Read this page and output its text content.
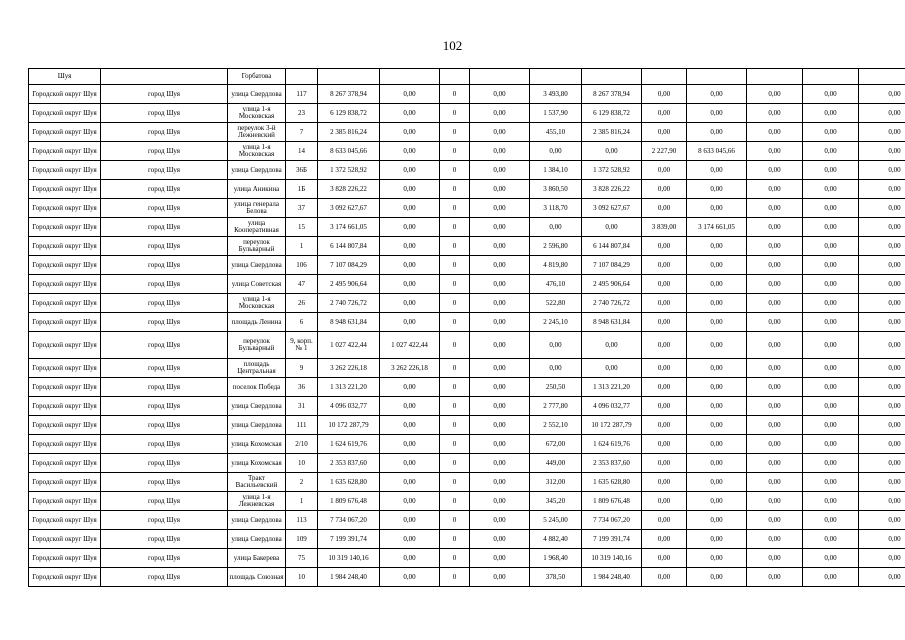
102
Шуя		Горбатова												
Городской округ Шуя	город Шуя	улица Свердлова	117	8 267 378,94	0,00	0	0,00	3 493,80	8 267 378,94	0,00	0,00	0,00	0,00	0,00
Городской округ Шуя	город Шуя	улица 1-я Московская	23	6 129 838,72	0,00	0	0,00	1 537,90	6 129 838,72	0,00	0,00	0,00	0,00	0,00
Городской округ Шуя	город Шуя	переулок 3-й Лежневский	7	2 385 816,24	0,00	0	0,00	455,10	2 385 816,24	0,00	0,00	0,00	0,00	0,00
Городской округ Шуя	город Шуя	улица 1-я Московская	14	8 633 045,66	0,00	0	0,00	0,00	0,00	2 227,90	8 633 045,66	0,00	0,00	0,00
Городской округ Шуя	город Шуя	улица Свердлова	36Б	1 372 528,92	0,00	0	0,00	1 384,10	1 372 528,92	0,00	0,00	0,00	0,00	0,00
Городской округ Шуя	город Шуя	улица Аникина	1Б	3 828 226,22	0,00	0	0,00	3 860,50	3 828 226,22	0,00	0,00	0,00	0,00	0,00
Городской округ Шуя	город Шуя	улица генерала Белова	37	3 092 627,67	0,00	0	0,00	3 118,70	3 092 627,67	0,00	0,00	0,00	0,00	0,00
Городской округ Шуя	город Шуя	улица Кооперативная	15	3 174 661,05	0,00	0	0,00	0,00	0,00	3 839,00	3 174 661,05	0,00	0,00	0,00
Городской округ Шуя	город Шуя	переулок Бульварный	1	6 144 807,84	0,00	0	0,00	2 596,80	6 144 807,84	0,00	0,00	0,00	0,00	0,00
Городской округ Шуя	город Шуя	улица Свердлова	106	7 107 084,29	0,00	0	0,00	4 819,80	7 107 084,29	0,00	0,00	0,00	0,00	0,00
Городской округ Шуя	город Шуя	улица Советская	47	2 495 906,64	0,00	0	0,00	476,10	2 495 906,64	0,00	0,00	0,00	0,00	0,00
Городской округ Шуя	город Шуя	улица 1-я Московская	26	2 740 726,72	0,00	0	0,00	522,80	2 740 726,72	0,00	0,00	0,00	0,00	0,00
Городской округ Шуя	город Шуя	площадь Ленина	6	8 948 631,84	0,00	0	0,00	2 245,10	8 948 631,84	0,00	0,00	0,00	0,00	0,00
Городской округ Шуя	город Шуя	переулок Бульварный	9, корп. № 1	1 027 422,44	1 027 422,44	0	0,00	0,00	0,00	0,00	0,00	0,00	0,00	0,00
Городской округ Шуя	город Шуя	площадь Центральная	9	3 262 226,18	3 262 226,18	0	0,00	0,00	0,00	0,00	0,00	0,00	0,00	0,00
Городской округ Шуя	город Шуя	поселок Победа	36	1 313 221,20	0,00	0	0,00	250,50	1 313 221,20	0,00	0,00	0,00	0,00	0,00
Городской округ Шуя	город Шуя	улица Свердлова	31	4 096 032,77	0,00	0	0,00	2 777,80	4 096 032,77	0,00	0,00	0,00	0,00	0,00
Городской округ Шуя	город Шуя	улица Свердлова	111	10 172 287,79	0,00	0	0,00	2 552,10	10 172 287,79	0,00	0,00	0,00	0,00	0,00
Городской округ Шуя	город Шуя	улица Кохомская	2/10	1 624 619,76	0,00	0	0,00	672,00	1 624 619,76	0,00	0,00	0,00	0,00	0,00
Городской округ Шуя	город Шуя	улица Кохомская	10	2 353 837,60	0,00	0	0,00	449,00	2 353 837,60	0,00	0,00	0,00	0,00	0,00
Городской округ Шуя	город Шуя	Тракт Васильевский	2	1 635 628,80	0,00	0	0,00	312,00	1 635 628,80	0,00	0,00	0,00	0,00	0,00
Городской округ Шуя	город Шуя	улица 1-я Лежневская	1	1 809 676,48	0,00	0	0,00	345,20	1 809 676,48	0,00	0,00	0,00	0,00	0,00
Городской округ Шуя	город Шуя	улица Свердлова	113	7 734 067,20	0,00	0	0,00	5 245,00	7 734 067,20	0,00	0,00	0,00	0,00	0,00
Городской округ Шуя	город Шуя	улица Свердлова	109	7 199 391,74	0,00	0	0,00	4 882,40	7 199 391,74	0,00	0,00	0,00	0,00	0,00
Городской округ Шуя	город Шуя	улица Бакерева	75	10 319 140,16	0,00	0	0,00	1 968,40	10 319 140,16	0,00	0,00	0,00	0,00	0,00
Городской округ Шуя	город Шуя	площадь Союзная	10	1 984 248,40	0,00	0	0,00	378,50	1 984 248,40	0,00	0,00	0,00	0,00	0,00
